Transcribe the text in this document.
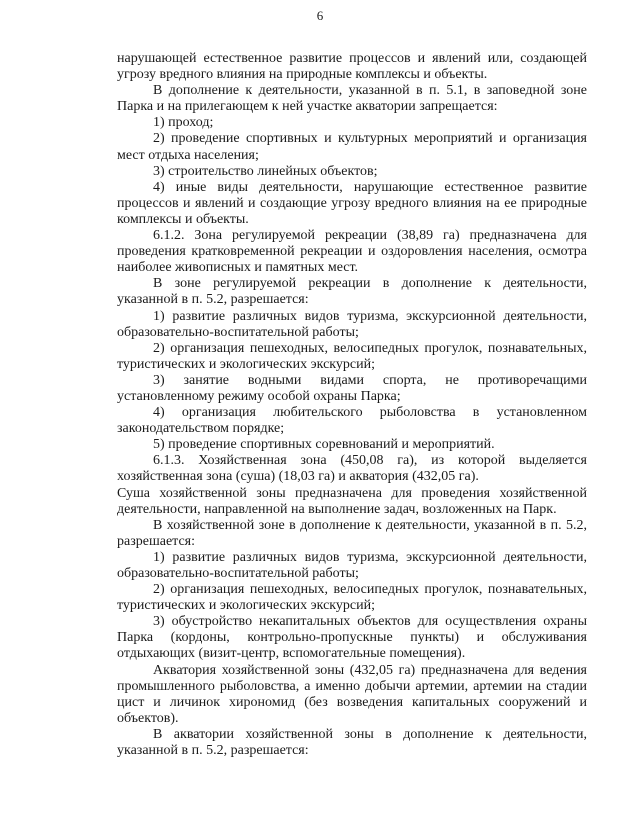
6

нарушающей естественное развитие процессов и явлений или, создающей угрозу вредного влияния на природные комплексы и объекты.

В дополнение к деятельности, указанной в п. 5.1, в заповедной зоне Парка и на прилегающем к ней участке акватории запрещается:

1) проход;

2) проведение спортивных и культурных мероприятий и организация мест отдыха населения;

3) строительство линейных объектов;

4) иные виды деятельности, нарушающие естественное развитие процессов и явлений и создающие угрозу вредного влияния на ее природные комплексы и объекты.

6.1.2. Зона регулируемой рекреации (38,89 га) предназначена для проведения кратковременной рекреации и оздоровления населения, осмотра наиболее живописных и памятных мест.

В зоне регулируемой рекреации в дополнение к деятельности, указанной в п. 5.2, разрешается:

1) развитие различных видов туризма, экскурсионной деятельности, образовательно-воспитательной работы;

2) организация пешеходных, велосипедных прогулок, познавательных, туристических и экологических экскурсий;

3) занятие водными видами спорта, не противоречащими установленному режиму особой охраны Парка;

4) организация любительского рыболовства в установленном законодательством порядке;

5) проведение спортивных соревнований и мероприятий.

6.1.3. Хозяйственная зона (450,08 га), из которой выделяется хозяйственная зона (суша) (18,03 га) и акватория (432,05 га).

Суша хозяйственной зоны предназначена для проведения хозяйственной деятельности, направленной на выполнение задач, возложенных на Парк.

В хозяйственной зоне в дополнение к деятельности, указанной в п. 5.2, разрешается:

1) развитие различных видов туризма, экскурсионной деятельности, образовательно-воспитательной работы;

2) организация пешеходных, велосипедных прогулок, познавательных, туристических и экологических экскурсий;

3) обустройство некапитальных объектов для осуществления охраны Парка (кордоны, контрольно-пропускные пункты) и обслуживания отдыхающих (визит-центр, вспомогательные помещения).

Акватория хозяйственной зоны (432,05 га) предназначена для ведения промышленного рыболовства, а именно добычи артемии, артемии на стадии цист и личинок хирономид (без возведения капитальных сооружений и объектов).

В акватории хозяйственной зоны в дополнение к деятельности, указанной в п. 5.2, разрешается:
